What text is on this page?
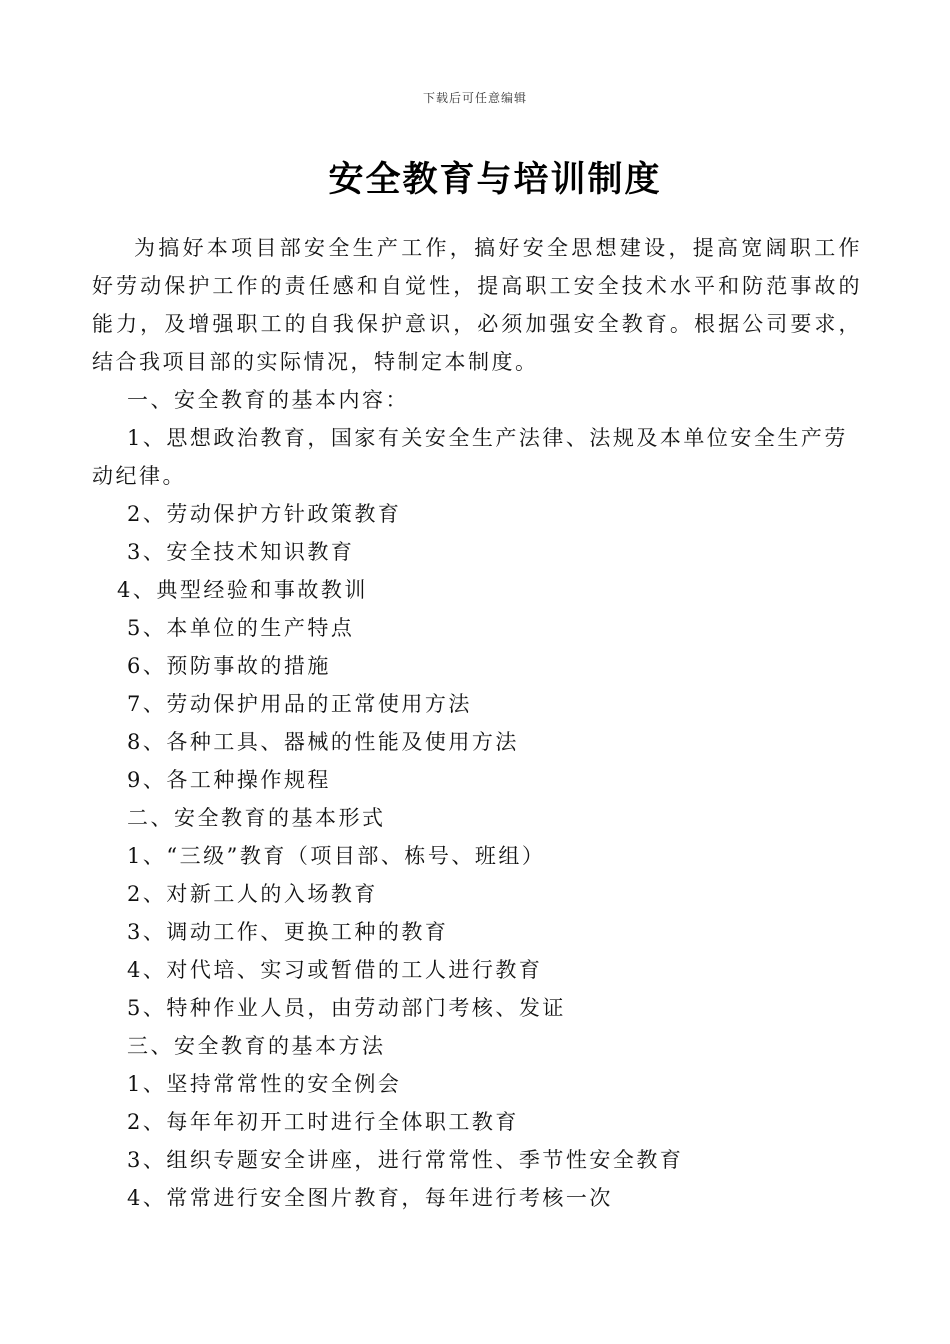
下载后可任意编辑
安全教育与培训制度

为搞好本项目部安全生产工作，搞好安全思想建设，提高宽阔职工作好劳动保护工作的责任感和自觉性，提高职工安全技术水平和防范事故的能力，及增强职工的自我保护意识，必须加强安全教育。根据公司要求，结合我项目部的实际情况，特制定本制度。

一、安全教育的基本内容：

1、思想政治教育，国家有关安全生产法律、法规及本单位安全生产劳动纪律。

2、劳动保护方针政策教育

3、安全技术知识教育

4、典型经验和事故教训

5、本单位的生产特点

6、预防事故的措施

7、劳动保护用品的正常使用方法

8、各种工具、器械的性能及使用方法

9、各工种操作规程

二、安全教育的基本形式

1、“三级”教育（项目部、栋号、班组）

2、对新工人的入场教育

3、调动工作、更换工种的教育

4、对代培、实习或暂借的工人进行教育

5、特种作业人员，由劳动部门考核、发证

三、安全教育的基本方法

1、坚持常常性的安全例会

2、每年年初开工时进行全体职工教育

3、组织专题安全讲座，进行常常性、季节性安全教育

4、常常进行安全图片教育，每年进行考核一次
